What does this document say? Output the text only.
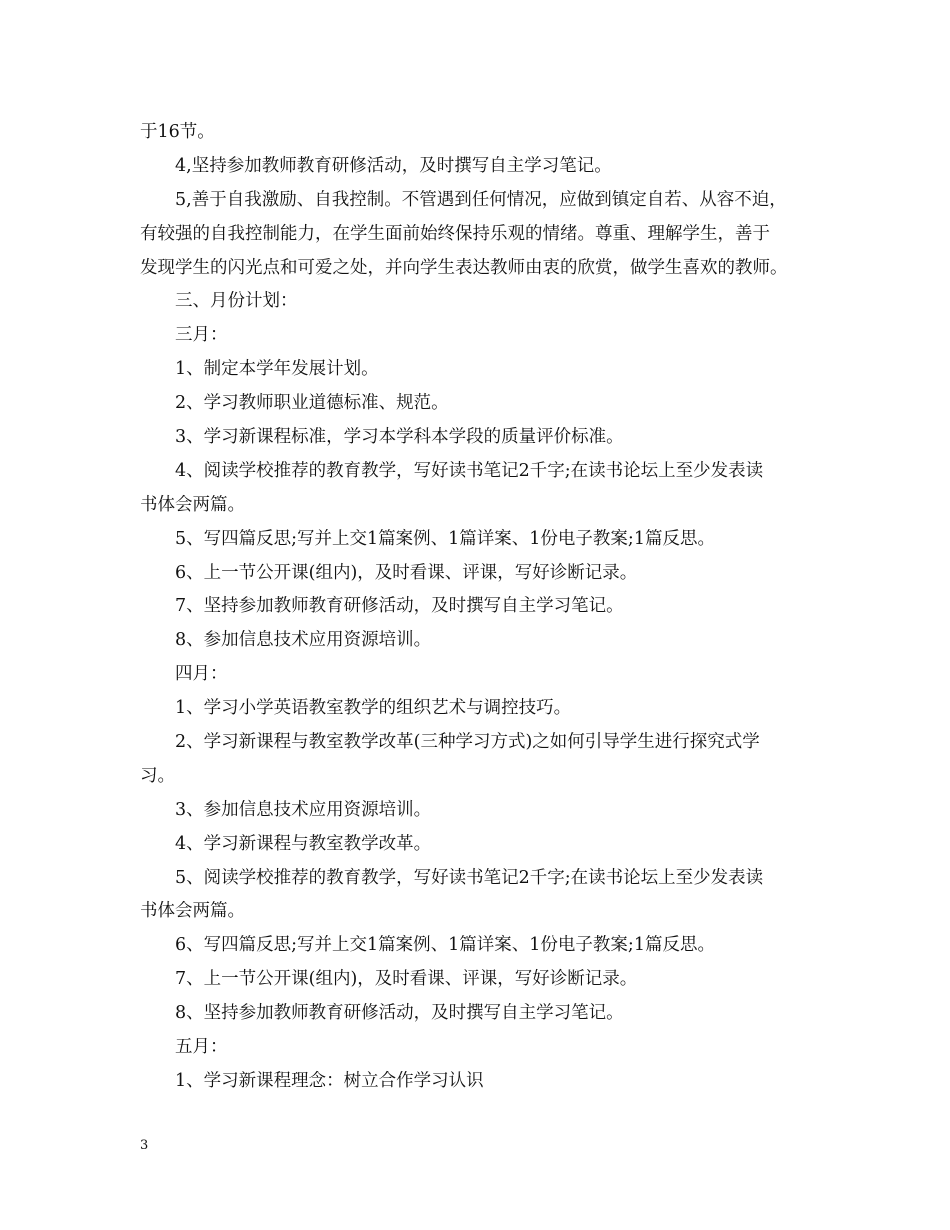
于16节。
4,坚持参加教师教育研修活动，及时撰写自主学习笔记。
5,善于自我激励、自我控制。不管遇到任何情况，应做到镇定自若、从容不迫，
有较强的自我控制能力，在学生面前始终保持乐观的情绪。尊重、理解学生，善于
发现学生的闪光点和可爱之处，并向学生表达教师由衷的欣赏，做学生喜欢的教师。
三、月份计划：
三月：
1、制定本学年发展计划。
2、学习教师职业道德标准、规范。
3、学习新课程标准，学习本学科本学段的质量评价标准。
4、阅读学校推荐的教育教学，写好读书笔记2千字;在读书论坛上至少发表读
书体会两篇。
5、写四篇反思;写并上交1篇案例、1篇详案、1份电子教案;1篇反思。
6、上一节公开课(组内)，及时看课、评课，写好诊断记录。
7、坚持参加教师教育研修活动，及时撰写自主学习笔记。
8、参加信息技术应用资源培训。
四月：
1、学习小学英语教室教学的组织艺术与调控技巧。
2、学习新课程与教室教学改革(三种学习方式)之如何引导学生进行探究式学
习。
3、参加信息技术应用资源培训。
4、学习新课程与教室教学改革。
5、阅读学校推荐的教育教学，写好读书笔记2千字;在读书论坛上至少发表读
书体会两篇。
6、写四篇反思;写并上交1篇案例、1篇详案、1份电子教案;1篇反思。
7、上一节公开课(组内)，及时看课、评课，写好诊断记录。
8、坚持参加教师教育研修活动，及时撰写自主学习笔记。
五月：
1、学习新课程理念：树立合作学习认识
3
